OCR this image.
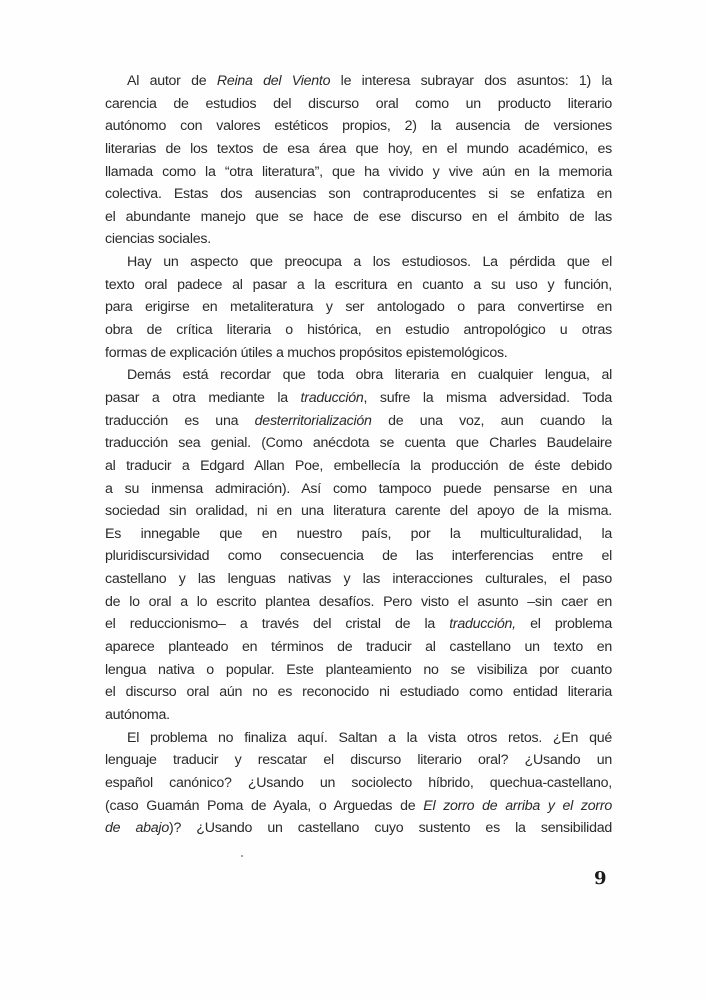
Al autor de Reina del Viento le interesa subrayar dos asuntos: 1) la
carencia de estudios del discurso oral como un producto literario
autónomo con valores estéticos propios, 2) la ausencia de versiones
literarias de los textos de esa área que hoy, en el mundo académico, es
llamada como la “otra literatura”, que ha vivido y vive aún en la memoria
colectiva. Estas dos ausencias son contraproducentes si se enfatiza en
el abundante manejo que se hace de ese discurso en el ámbito de las
ciencias sociales.
Hay un aspecto que preocupa a los estudiosos. La pérdida que el
texto oral padece al pasar a la escritura en cuanto a su uso y función,
para erigirse en metaliteratura y ser antologado o para convertirse en
obra de crítica literaria o histórica, en estudio antropológico u otras
formas de explicación útiles a muchos propósitos epistemológicos.
Demás está recordar que toda obra literaria en cualquier lengua, al
pasar a otra mediante la traducción, sufre la misma adversidad. Toda
traducción es una desterritorialización de una voz, aun cuando la
traducción sea genial. (Como anécdota se cuenta que Charles Baudelaire
al traducir a Edgard Allan Poe, embellecía la producción de éste debido
a su inmensa admiración). Así como tampoco puede pensarse en una
sociedad sin oralidad, ni en una literatura carente del apoyo de la misma.
Es innegable que en nuestro país, por la multiculturalidad, la
pluridiscursividad como consecuencia de las interferencias entre el
castellano y las lenguas nativas y las interacciones culturales, el paso
de lo oral a lo escrito plantea desafíos. Pero visto el asunto –sin caer en
el reduccionismo– a través del cristal de la traducción, el problema
aparece planteado en términos de traducir al castellano un texto en
lengua nativa o popular. Este planteamiento no se visibiliza por cuanto
el discurso oral aún no es reconocido ni estudiado como entidad literaria
autónoma.
El problema no finaliza aquí. Saltan a la vista otros retos. ¿En qué
lenguaje traducir y rescatar el discurso literario oral? ¿Usando un
español canónico? ¿Usando un sociolecto híbrido, quechua-castellano,
(caso Guamán Poma de Ayala, o Arguedas de El zorro de arriba y el zorro
de abajo)? ¿Usando un castellano cuyo sustento es la sensibilidad
9
